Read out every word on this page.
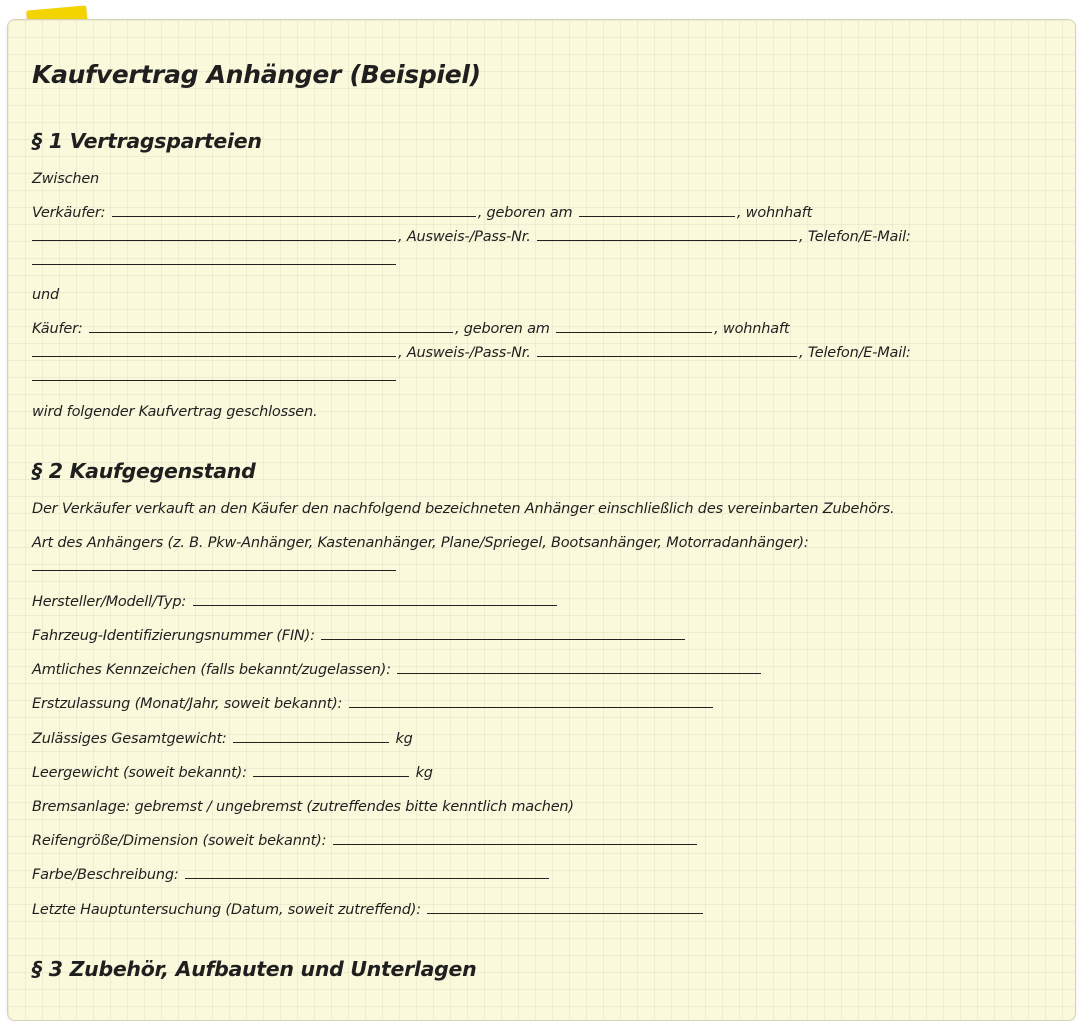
Kaufvertrag Anhänger (Beispiel)
§ 1 Vertragsparteien

Zwischen

Verkäufer:	, geboren am	, wohnhaft

, Ausweis-/Pass-Nr.	, Telefon/E-Mail:

und

Käufer:	, geboren am	, wohnhaft

, Ausweis-/Pass-Nr.	, Telefon/E-Mail:

wird folgender Kaufvertrag geschlossen.

§ 2 Kaufgegenstand

Der Verkäufer verkauft an den Käufer den nachfolgend bezeichneten Anhänger einschließlich des vereinbarten Zubehörs.

Art des Anhängers (z. B. Pkw-Anhänger, Kastenanhänger, Plane/Spriegel, Bootsanhänger, Motorradanhänger):

Hersteller/Modell/Typ:

Fahrzeug-Identifizierungsnummer (FIN):

Amtliches Kennzeichen (falls bekannt/zugelassen):

Erstzulassung (Monat/Jahr, soweit bekannt):

Zulässiges Gesamtgewicht:	kg

Leergewicht (soweit bekannt):	kg

Bremsanlage: gebremst / ungebremst (zutreffendes bitte kenntlich machen)

Reifengröße/Dimension (soweit bekannt):

Farbe/Beschreibung:

Letzte Hauptuntersuchung (Datum, soweit zutreffend):

§ 3 Zubehör, Aufbauten und Unterlagen
